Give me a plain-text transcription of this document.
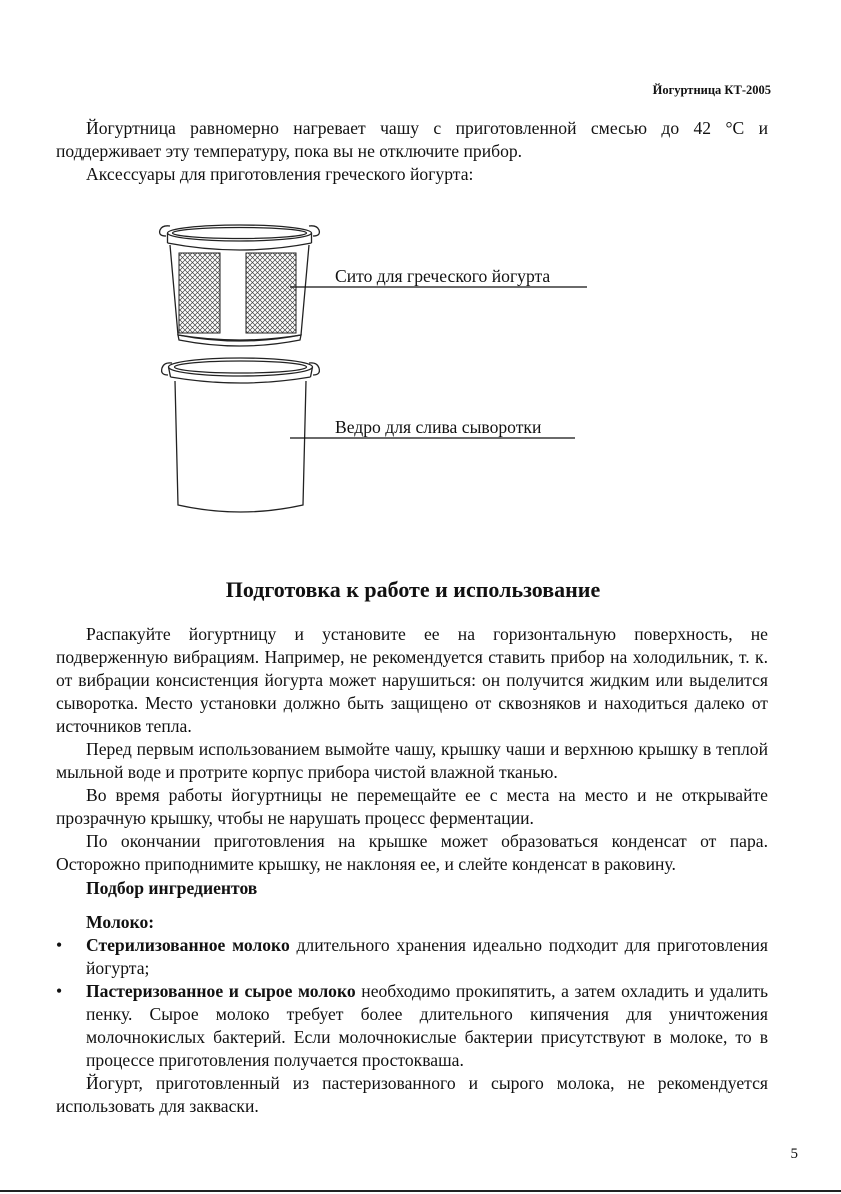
Йогуртница КТ-2005

Йогуртница равномерно нагревает чашу с приготовленной смесью до 42 °С и поддерживает эту температуру, пока вы не отключите прибор.

Аксессуары для приготовления греческого йогурта:

Сито для греческого йогурта
Ведро для слива сыворотки
Подготовка к работе и использование

Распакуйте йогуртницу и установите ее на горизонтальную поверхность, не подверженную вибрациям. Например, не рекомендуется ставить прибор на холодильник, т. к. от вибрации консистенция йогурта может нарушиться: он получится жидким или выделится сыворотка. Место установки должно быть защищено от сквозняков и находиться далеко от источников тепла.

Перед первым использованием вымойте чашу, крышку чаши и верхнюю крышку в теплой мыльной воде и протрите корпус прибора чистой влажной тканью.

Во время работы йогуртницы не перемещайте ее с места на место и не открывайте прозрачную крышку, чтобы не нарушать процесс ферментации.

По окончании приготовления на крышке может образоваться конденсат от пара. Осторожно приподнимите крышку, не наклоняя ее, и слейте конденсат в раковину.

Подбор ингредиентов

Молоко:

• Стерилизованное молоко длительного хранения идеально подходит для приготовления йогурта;
• Пастеризованное и сырое молоко необходимо прокипятить, а затем охладить и удалить пенку. Сырое молоко требует более длительного кипячения для уничтожения молочнокислых бактерий. Если молочнокислые бактерии присутствуют в молоке, то в процессе приготовления получается простокваша.

Йогурт, приготовленный из пастеризованного и сырого молока, не рекомендуется использовать для закваски.

5
